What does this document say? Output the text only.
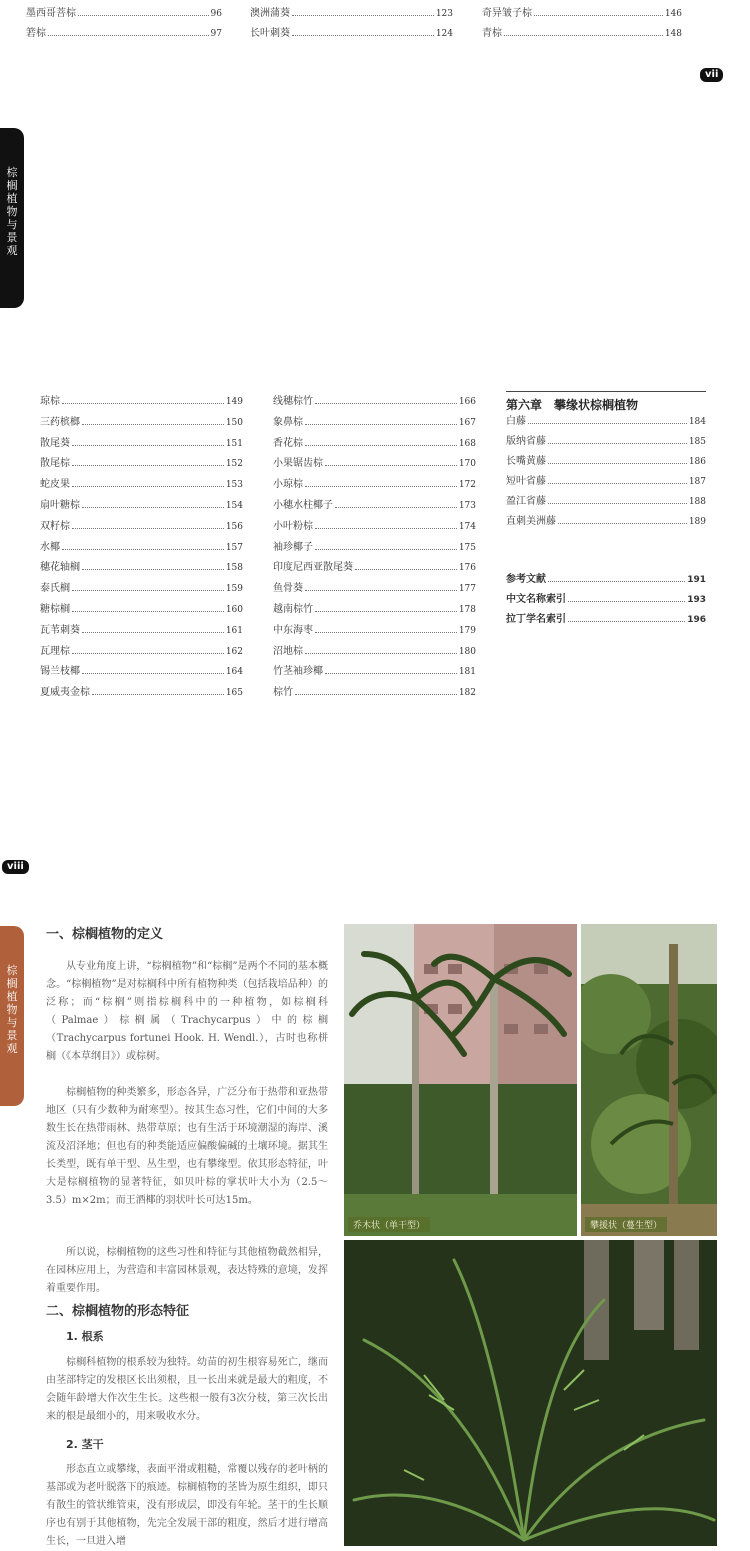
墨西哥菩棕	96
箬棕	97
澳洲蒲葵	123
长叶刺葵	124
奇异皱子棕	146
青棕	148
vii
棕
榈
植
物
与
景
观
琼棕	149
三药槟榔	150
散尾葵	151
散尾棕	152
蛇皮果	153
扇叶糖棕	154
双籽棕	156
水椰	157
穗花轴榈	158
泰氏榈	159
糖棕榈	160
瓦苇刺葵	161
瓦理棕	162
锡兰枝椰	164
夏威夷金棕	165
线穗棕竹	166
象鼻棕	167
香花棕	168
小果锯齿棕	170
小琼棕	172
小穗水柱椰子	173
小叶粉棕	174
袖珍椰子	175
印度尼西亚散尾葵	176
鱼骨葵	177
越南棕竹	178
中东海枣	179
沼地棕	180
竹茎袖珍椰	181
棕竹	182
第六章　攀缘状棕榈植物
白藤	184
版纳省藤	185
长嘴黄藤	186
短叶省藤	187
盈江省藤	188
直刺美洲藤	189
参考文献	191
中文名称索引	193
拉丁学名索引	196
viii
棕
榈
植
物
与
景
观
一、棕榈植物的定义
从专业角度上讲，“棕榈植物”和“棕榈”是两个不同的基本概念。“棕榈植物”是对棕榈科中所有植物种类（包括栽培品种）的泛称；而“棕榈”则指棕榈科中的一种植物，如棕榈科（Palmae）棕榈属（Trachycarpus）中的棕榈（Trachycarpus fortunei Hook. H. Wendl.），古时也称栟榈（《本草纲目》）或棕树。
棕榈植物的种类繁多，形态各异，广泛分布于热带和亚热带地区（只有少数种为耐寒型）。按其生态习性，它们中间的大多数生长在热带雨林、热带草原；也有生活于环境潮湿的海岸、溪流及沼泽地；但也有的种类能适应偏酸偏碱的土壤环境。据其生长类型，既有单干型、丛生型，也有攀缘型。依其形态特征，叶大是棕榈植物的显著特征，如贝叶棕的掌状叶大小为（2.5～3.5）m×2m；而王酒椰的羽状叶长可达15m。
所以说，棕榈植物的这些习性和特征与其他植物截然相异，在园林应用上，为营造和丰富园林景观，表达特殊的意境，发挥着重要作用。
二、棕榈植物的形态特征
1. 根系
棕榈科植物的根系较为独特。幼苗的初生根容易死亡，继而由茎部特定的发根区长出须根，且一长出来就是最大的粗度，不会随年龄增大作次生生长。这些根一般有3次分枝，第三次长出来的根是最细小的，用来吸收水分。
2. 茎干
形态直立或攀缘，表面平滑或粗糙，常覆以残存的老叶柄的基部或为老叶脱落下的痕迹。棕榈植物的茎皆为原生组织，即只有散生的管状维管束，没有形成层，即没有年轮。茎干的生长顺序也有别于其他植物，先完全发展干部的粗度，然后才进行增高生长，一旦进入增
乔木状（单干型）	攀援状（蔓生型）
